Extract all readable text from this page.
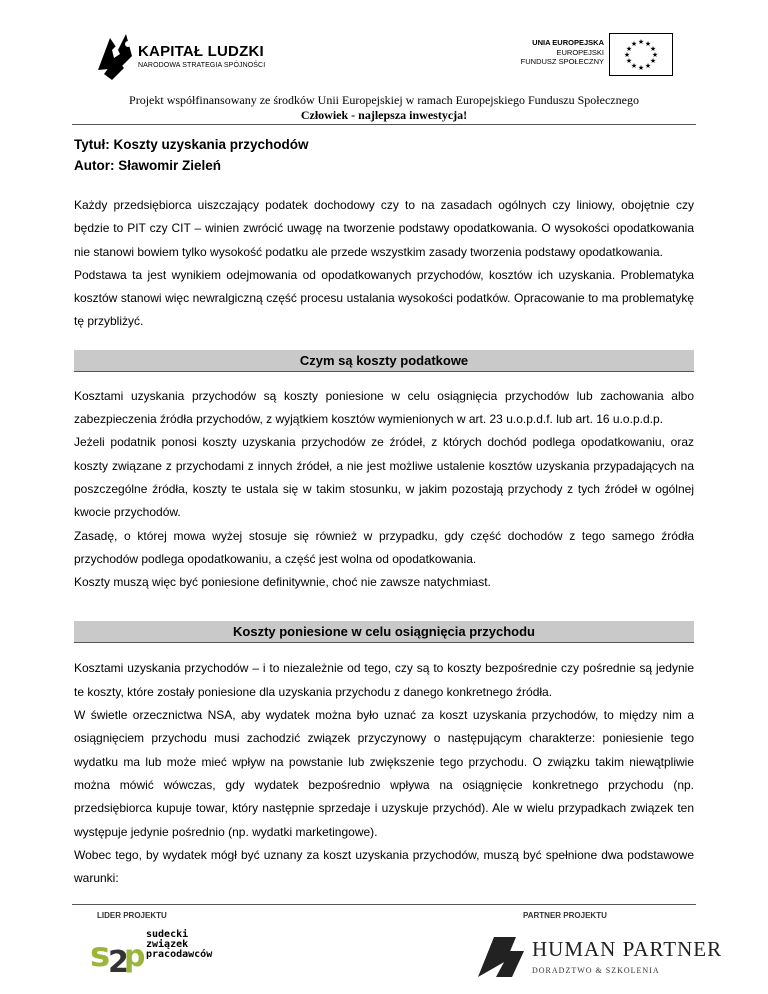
KAPITAŁ LUDZKI
NARODOWA STRATEGIA SPÓJNOŚCI
UNIA EUROPEJSKA
EUROPEJSKI
FUNDUSZ SPOŁECZNY
★ ★
★
★
★
★
★
★
★
★
★
★
Projekt współfinansowany ze środków Unii Europejskiej w ramach Europejskiego Funduszu Społecznego
Człowiek - najlepsza inwestycja!
Tytuł: Koszty uzyskania przychodów
Autor: Sławomir Zieleń

Każdy przedsiębiorca uiszczający podatek dochodowy czy to na zasadach ogólnych czy liniowy, obojętnie czy będzie to PIT czy CIT – winien zwrócić uwagę na tworzenie podstawy opodatkowania. O wysokości opodatkowania nie stanowi bowiem tylko wysokość podatku ale przede wszystkim zasady tworzenia podstawy opodatkowania.

Podstawa ta jest wynikiem odejmowania od opodatkowanych przychodów, kosztów ich uzyskania. Problematyka kosztów stanowi więc newralgiczną część procesu ustalania wysokości podatków. Opracowanie to ma problematykę tę przybliżyć.

Czym są koszty podatkowe

Kosztami uzyskania przychodów są koszty poniesione w celu osiągnięcia przychodów lub zachowania albo zabezpieczenia źródła przychodów, z wyjątkiem kosztów wymienionych w art. 23 u.o.p.d.f. lub art. 16 u.o.p.d.p.

Jeżeli podatnik ponosi koszty uzyskania przychodów ze źródeł, z których dochód podlega opodatkowaniu, oraz koszty związane z przychodami z innych źródeł, a nie jest możliwe ustalenie kosztów uzyskania przypadających na poszczególne źródła, koszty te ustala się w takim stosunku, w jakim pozostają przychody z tych źródeł w ogólnej kwocie przychodów.

Zasadę, o której mowa wyżej stosuje się również w przypadku, gdy część dochodów z tego samego źródła przychodów podlega opodatkowaniu, a część jest wolna od opodatkowania.

Koszty muszą więc być poniesione definitywnie, choć nie zawsze natychmiast.

Koszty poniesione w celu osiągnięcia przychodu

Kosztami uzyskania przychodów – i to niezależnie od tego, czy są to koszty bezpośrednie czy pośrednie są jedynie te koszty, które zostały poniesione dla uzyskania przychodu z danego konkretnego źródła.

W świetle orzecznictwa NSA, aby wydatek można było uznać za koszt uzyskania przychodów, to między nim a osiągnięciem przychodu musi zachodzić związek przyczynowy o następującym charakterze: poniesienie tego wydatku ma lub może mieć wpływ na powstanie lub zwiększenie tego przychodu. O związku takim niewątpliwie można mówić wówczas, gdy wydatek bezpośrednio wpływa na osiągnięcie konkretnego przychodu (np. przedsiębiorca kupuje towar, który następnie sprzedaje i uzyskuje przychód). Ale w wielu przypadkach związek ten występuje jedynie pośrednio (np. wydatki marketingowe).

Wobec tego, by wydatek mógł być uznany za koszt uzyskania przychodów, muszą być spełnione dwa podstawowe warunki:

LIDER PROJEKTU	PARTNER PROJEKTU
s
2
p
sudecki
związek
pracodawców	HUMAN PARTNER
DORADZTWO & SZKOLENIA
